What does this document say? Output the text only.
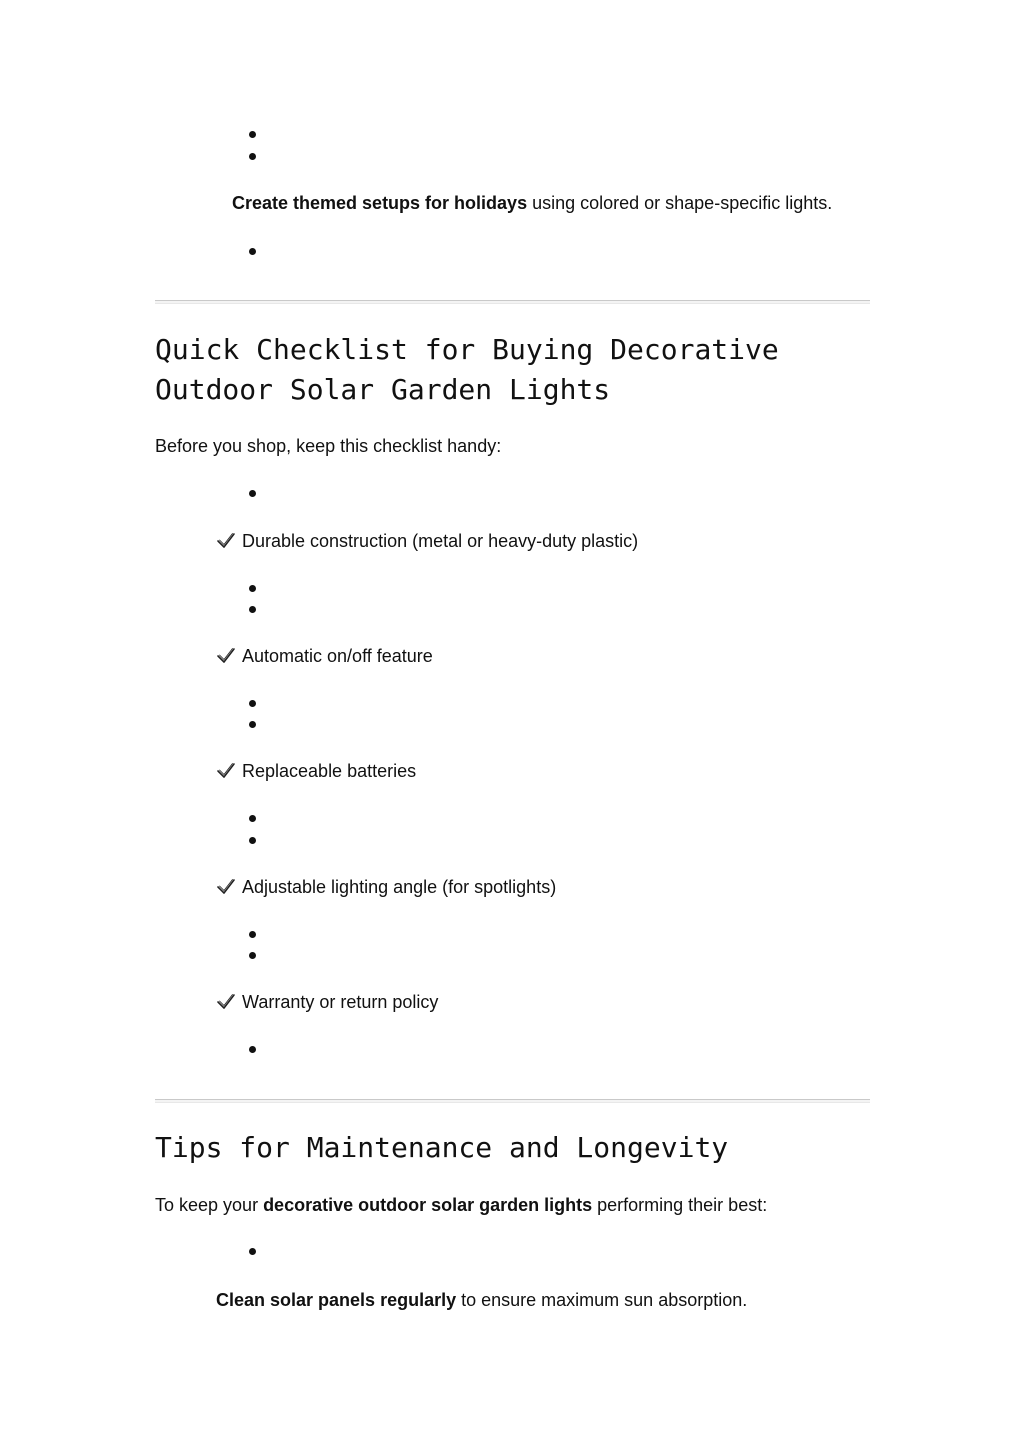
Create themed setups for holidays using colored or shape-specific lights.
Quick Checklist for Buying Decorative Outdoor Solar Garden Lights
Before you shop, keep this checklist handy:
Durable construction (metal or heavy-duty plastic)
Automatic on/off feature
Replaceable batteries
Adjustable lighting angle (for spotlights)
Warranty or return policy
Tips for Maintenance and Longevity
To keep your decorative outdoor solar garden lights performing their best:
Clean solar panels regularly to ensure maximum sun absorption.
